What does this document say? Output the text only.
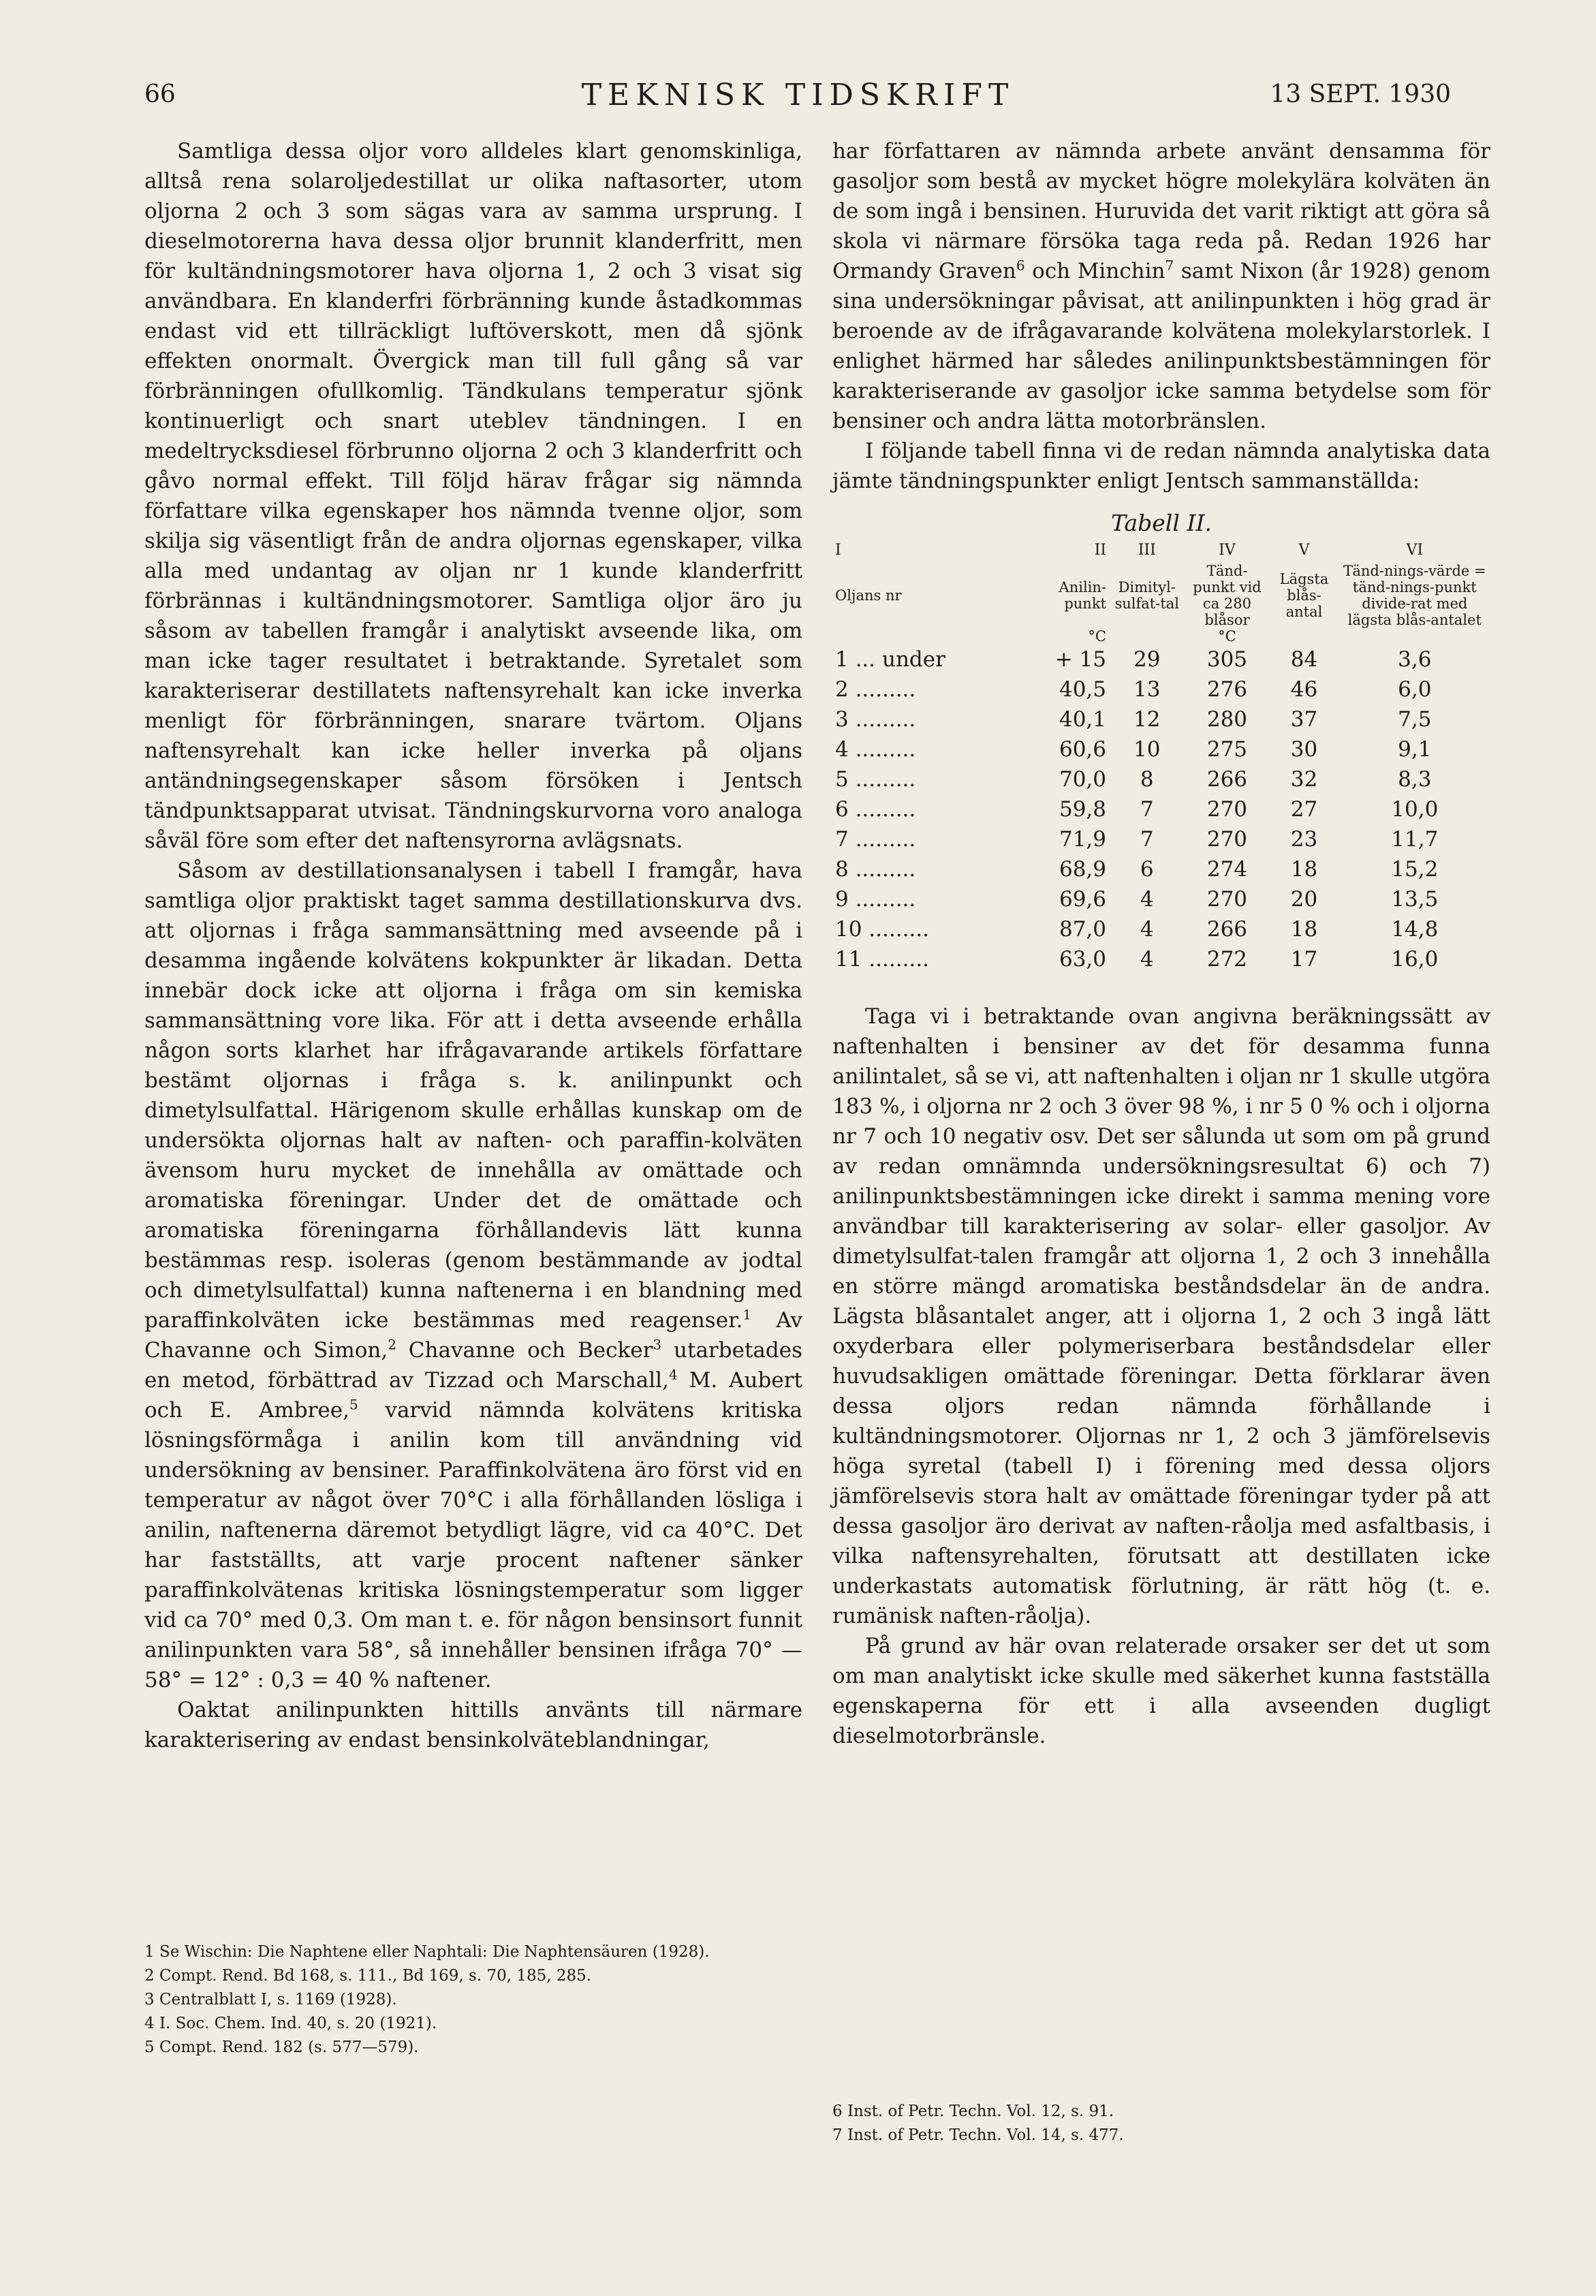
66	TEKNISK TIDSKRIFT	13 SEPT. 1930

Samtliga dessa oljor voro alldeles klart genomskinliga, alltså rena solaroljedestillat ur olika naftasorter, utom oljorna 2 och 3 som sägas vara av samma ursprung. I dieselmotorerna hava dessa oljor brunnit klanderfritt, men för kultändningsmotorer hava oljorna 1, 2 och 3 visat sig användbara. En klanderfri förbränning kunde åstadkommas endast vid ett tillräckligt luftöverskott, men då sjönk effekten onormalt. Övergick man till full gång så var förbränningen ofullkomlig. Tändkulans temperatur sjönk kontinuerligt och snart uteblev tändningen. I en medeltrycksdiesel förbrunno oljorna 2 och 3 klanderfritt och gåvo normal effekt. Till följd härav frågar sig nämnda författare vilka egenskaper hos nämnda tvenne oljor, som skilja sig väsentligt från de andra oljornas egenskaper, vilka alla med undantag av oljan nr 1 kunde klanderfritt förbrännas i kultändningsmotorer. Samtliga oljor äro ju såsom av tabellen framgår i analytiskt avseende lika, om man icke tager resultatet i betraktande. Syretalet som karakteriserar destillatets naftensyrehalt kan icke inverka menligt för förbränningen, snarare tvärtom. Oljans naftensyrehalt kan icke heller inverka på oljans antändningsegenskaper såsom försöken i Jentsch tändpunktsapparat utvisat. Tändningskurvorna voro analoga såväl före som efter det naftensyrorna avlägsnats.

Såsom av destillationsanalysen i tabell I framgår, hava samtliga oljor praktiskt taget samma destillationskurva dvs. att oljornas i fråga sammansättning med avseende på i desamma ingående kolvätens kokpunkter är likadan. Detta innebär dock icke att oljorna i fråga om sin kemiska sammansättning vore lika. För att i detta avseende erhålla någon sorts klarhet har ifrågavarande artikels författare bestämt oljornas i fråga s. k. anilinpunkt och dimetylsulfattal. Härigenom skulle erhållas kunskap om de undersökta oljornas halt av naften- och paraffin-kolväten ävensom huru mycket de innehålla av omättade och aromatiska föreningar. Under det de omättade och aromatiska föreningarna förhållandevis lätt kunna bestämmas resp. isoleras (genom bestämmande av jodtal och dimetylsulfattal) kunna naftenerna i en blandning med paraffinkolväten icke bestämmas med reagenser.$^1$ Av Chavanne och Simon,$^2$ Chavanne och Becker$^3$ utarbetades en metod, förbättrad av Tizzad och Marschall,$^4$ M. Aubert och E. Ambree,$^5$ varvid nämnda kolvätens kritiska lösningsförmåga i anilin kom till användning vid undersökning av bensiner. Paraffinkolvätena äro först vid en temperatur av något över 70°C i alla förhållanden lösliga i anilin, naftenerna däremot betydligt lägre, vid ca 40°C. Det har fastställts, att varje procent naftener sänker paraffinkolvätenas kritiska lösningstemperatur som ligger vid ca 70° med 0,3. Om man t. e. för någon bensinsort funnit anilinpunkten vara 58°, så innehåller bensinen ifråga 70° — 58° = 12° : 0,3 = 40 % naftener.

Oaktat anilinpunkten hittills använts till närmare karakterisering av endast bensinkolväteblandningar,

har författaren av nämnda arbete använt densamma för gasoljor som bestå av mycket högre molekylära kolväten än de som ingå i bensinen. Huruvida det varit riktigt att göra så skola vi närmare försöka taga reda på. Redan 1926 har Ormandy Graven$^6$ och Minchin$^7$ samt Nixon (år 1928) genom sina undersökningar påvisat, att anilinpunkten i hög grad är beroende av de ifrågavarande kolvätena molekylarstorlek. I enlighet härmed har således anilinpunktsbestämningen för karakteriserande av gasoljor icke samma betydelse som för bensiner och andra lätta motorbränslen.

I följande tabell finna vi de redan nämnda analytiska data jämte tändningspunkter enligt Jentsch sammanställda:

Tabell II.
I	II	III	IV	V	VI
Oljans nr	Anilin-punkt	Dimityl-sulfat-tal	Tänd-punkt vid ca 280 blåsor	Lägsta blås-antal	Tänd-nings-värde = tänd-nings-punkt divide-rat med lägsta blås-antalet
	°C		°C		
1 ... under	+ 15	29	305	84	3,6
2 .........	40,5	13	276	46	6,0
3 .........	40,1	12	280	37	7,5
4 .........	60,6	10	275	30	9,1
5 .........	70,0	8	266	32	8,3
6 .........	59,8	7	270	27	10,0
7 .........	71,9	7	270	23	11,7
8 .........	68,9	6	274	18	15,2
9 .........	69,6	4	270	20	13,5
10 .........	87,0	4	266	18	14,8
11 .........	63,0	4	272	17	16,0

Taga vi i betraktande ovan angivna beräkningssätt av naftenhalten i bensiner av det för desamma funna anilintalet, så se vi, att naftenhalten i oljan nr 1 skulle utgöra 183 %, i oljorna nr 2 och 3 över 98 %, i nr 5 0 % och i oljorna nr 7 och 10 negativ osv. Det ser sålunda ut som om på grund av redan omnämnda undersökningsresultat 6) och 7) anilinpunktsbestämningen icke direkt i samma mening vore användbar till karakterisering av solar- eller gasoljor. Av dimetylsulfat-talen framgår att oljorna 1, 2 och 3 innehålla en större mängd aromatiska beståndsdelar än de andra. Lägsta blåsantalet anger, att i oljorna 1, 2 och 3 ingå lätt oxyderbara eller polymeriserbara beståndsdelar eller huvudsakligen omättade föreningar. Detta förklarar även dessa oljors redan nämnda förhållande i kultändningsmotorer. Oljornas nr 1, 2 och 3 jämförelsevis höga syretal (tabell I) i förening med dessa oljors jämförelsevis stora halt av omättade föreningar tyder på att dessa gasoljor äro derivat av naften-råolja med asfaltbasis, i vilka naftensyrehalten, förutsatt att destillaten icke underkastats automatisk förlutning, är rätt hög (t. e. rumänisk naften-råolja).

På grund av här ovan relaterade orsaker ser det ut som om man analytiskt icke skulle med säkerhet kunna fastställa egenskaperna för ett i alla avseenden dugligt dieselmotorbränsle.

1 Se Wischin: Die Naphtene eller Naphtali: Die Naphtensäuren (1928).
2 Compt. Rend. Bd 168, s. 111., Bd 169, s. 70, 185, 285.
3 Centralblatt I, s. 1169 (1928).
4 I. Soc. Chem. Ind. 40, s. 20 (1921).
5 Compt. Rend. 182 (s. 577—579).
6 Inst. of Petr. Techn. Vol. 12, s. 91.
7 Inst. of Petr. Techn. Vol. 14, s. 477.
